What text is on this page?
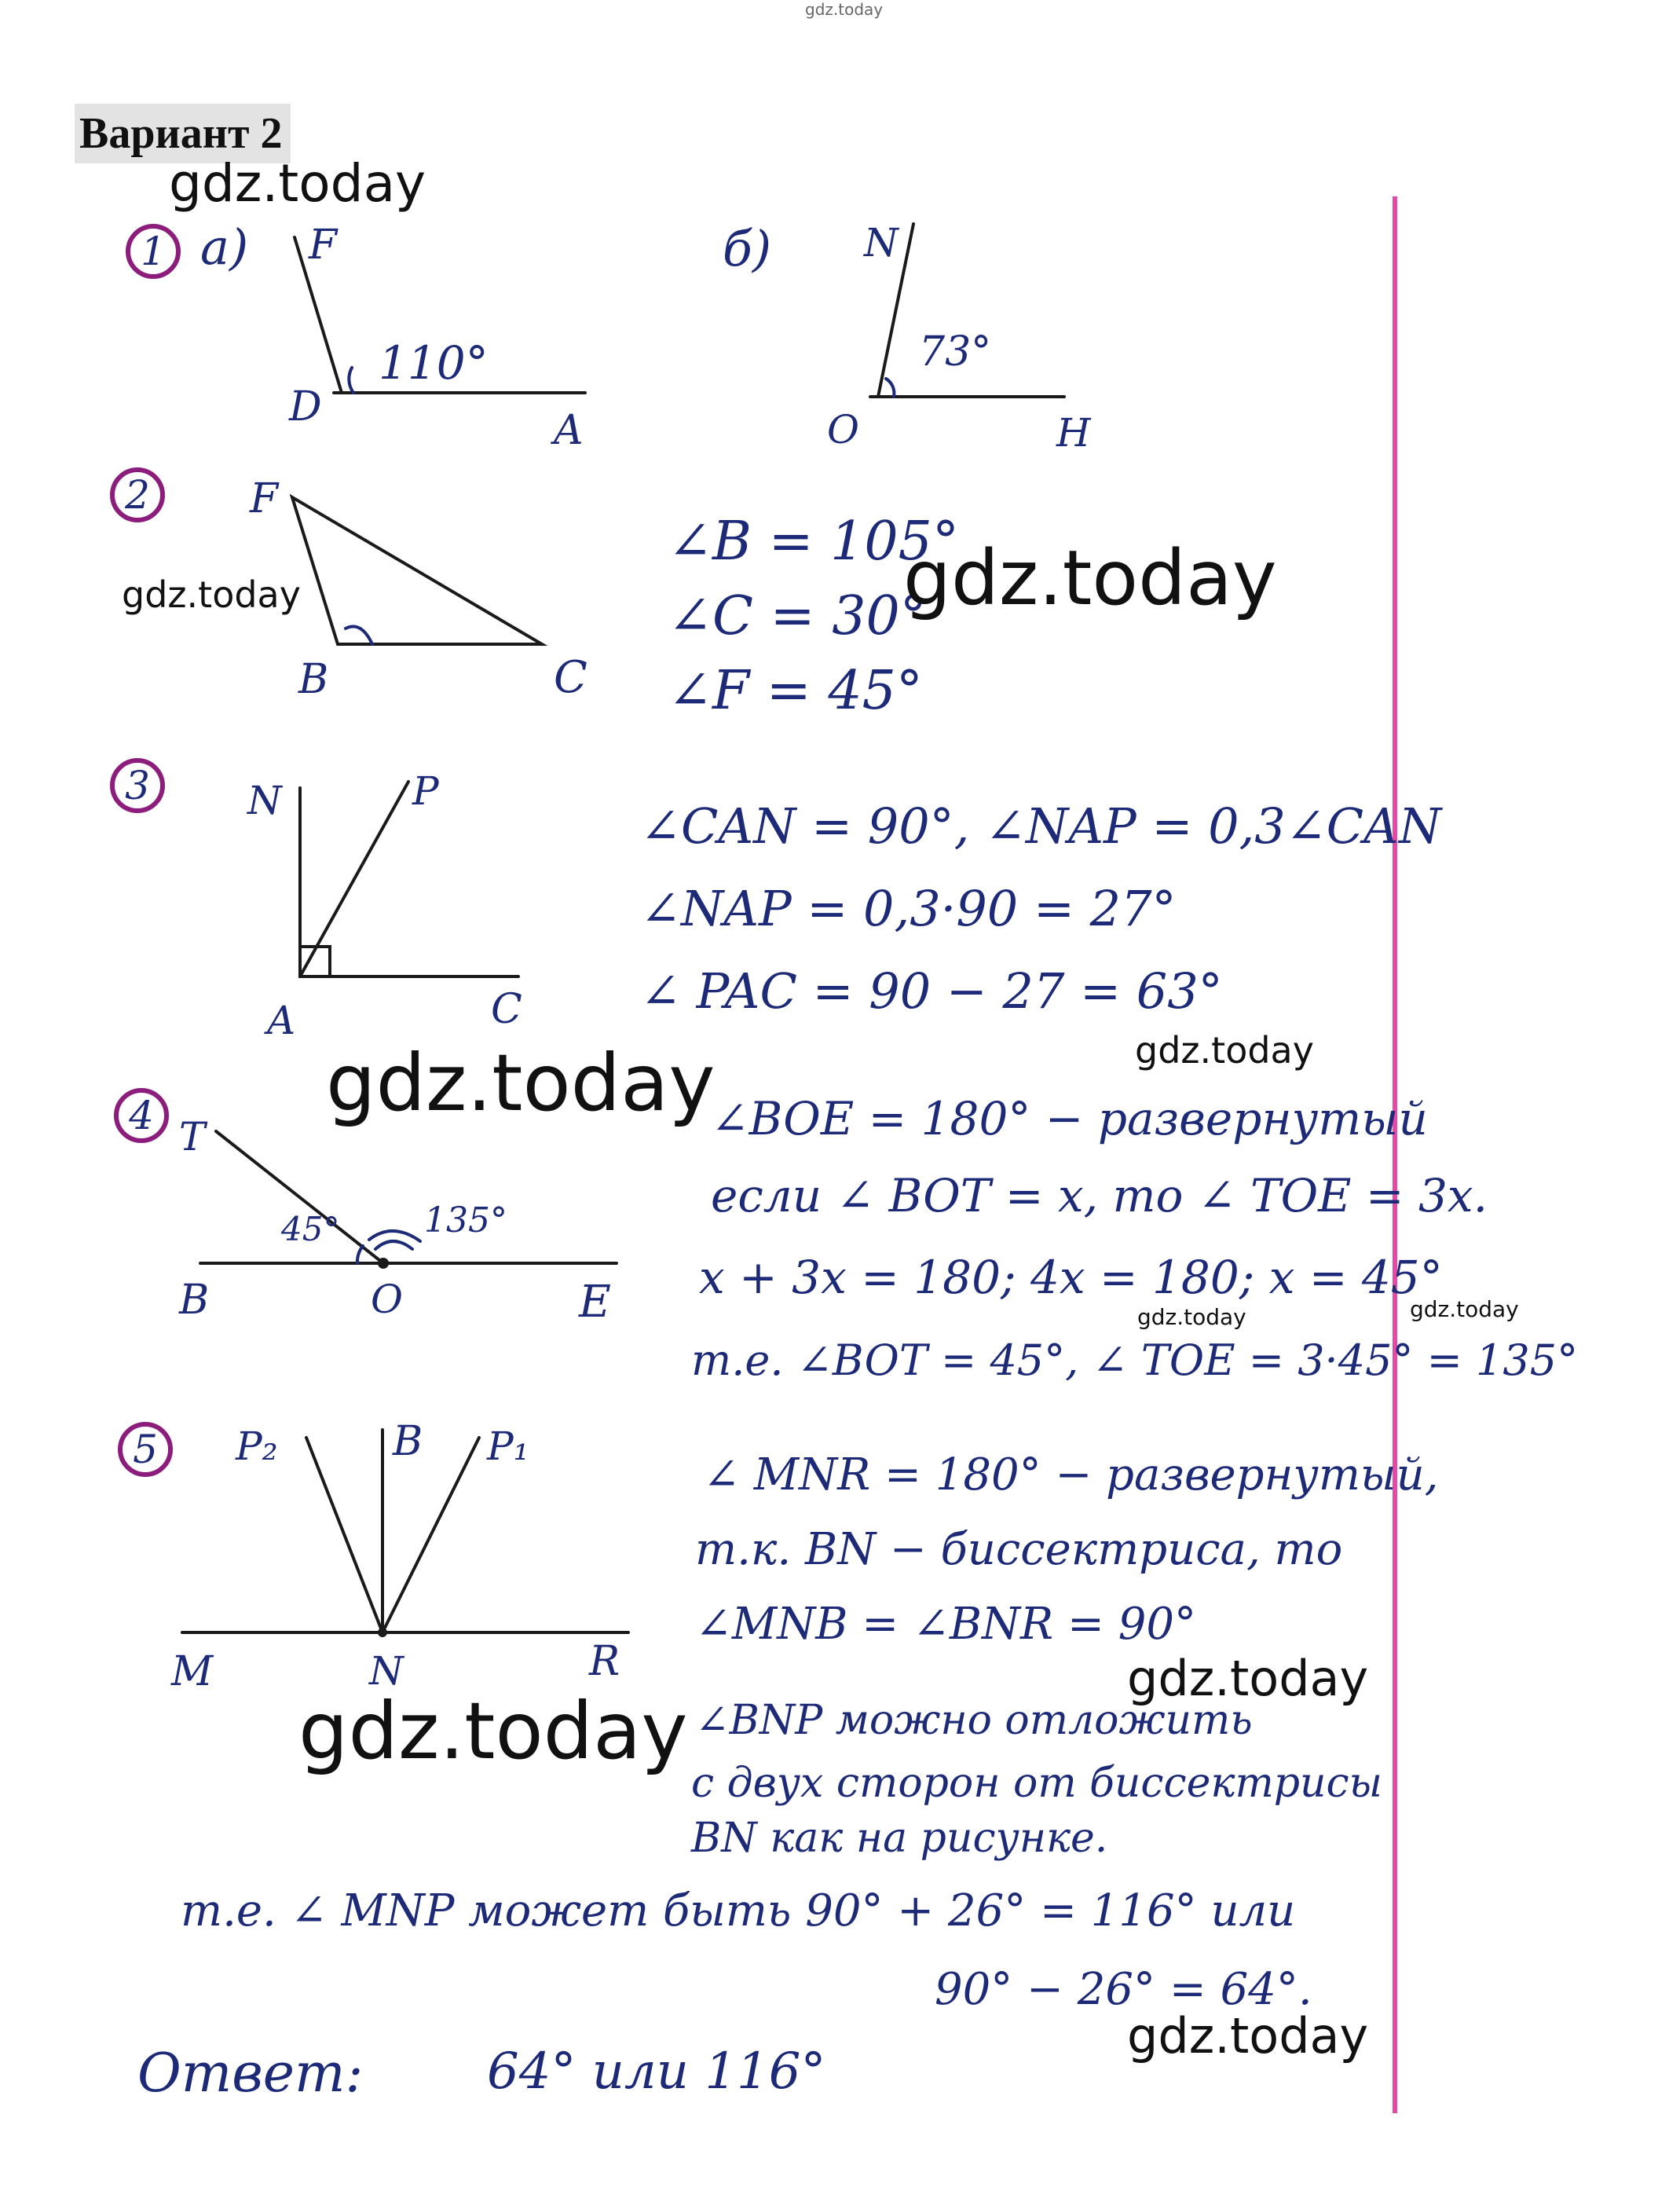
gdz.today
Вариант 2
1 a) F
D	A
110°
б) N
O	H
73°
2 F
B	C
∠B = 105°
∠C = 30°
∠F = 45°
3 N	P
A	C
∠CAN = 90°, ∠NAP = 0,3∠CAN
∠NAP = 0,3·90 = 27°
∠ PAC = 90 − 27 = 63°
4 T
B	O	E
45° 135°
∠BOE = 180° − развернутый
если ∠ BOT = x, то ∠ TOE = 3x.
x + 3x = 180; 4x = 180; x = 45°
т.е. ∠BOT = 45°, ∠ TOE = 3·45° = 135°
5 P₂	B P₁
M	N	R
∠ MNR = 180° − развернутый,
т.к. BN − биссектриса, то
∠MNB = ∠BNR = 90°
∠BNP можно отложить
с двух сторон от биссектрисы
BN как на рисунке.
т.е. ∠ MNP может быть 90° + 26° = 116° или
90° − 26° = 64°.
Ответ: 64° или 116°
gdz.today
gdz.today	gdz.today
gdz.today
gdz.today
gdz.today	gdz.today
gdz.today
gdz.today
gdz.today
